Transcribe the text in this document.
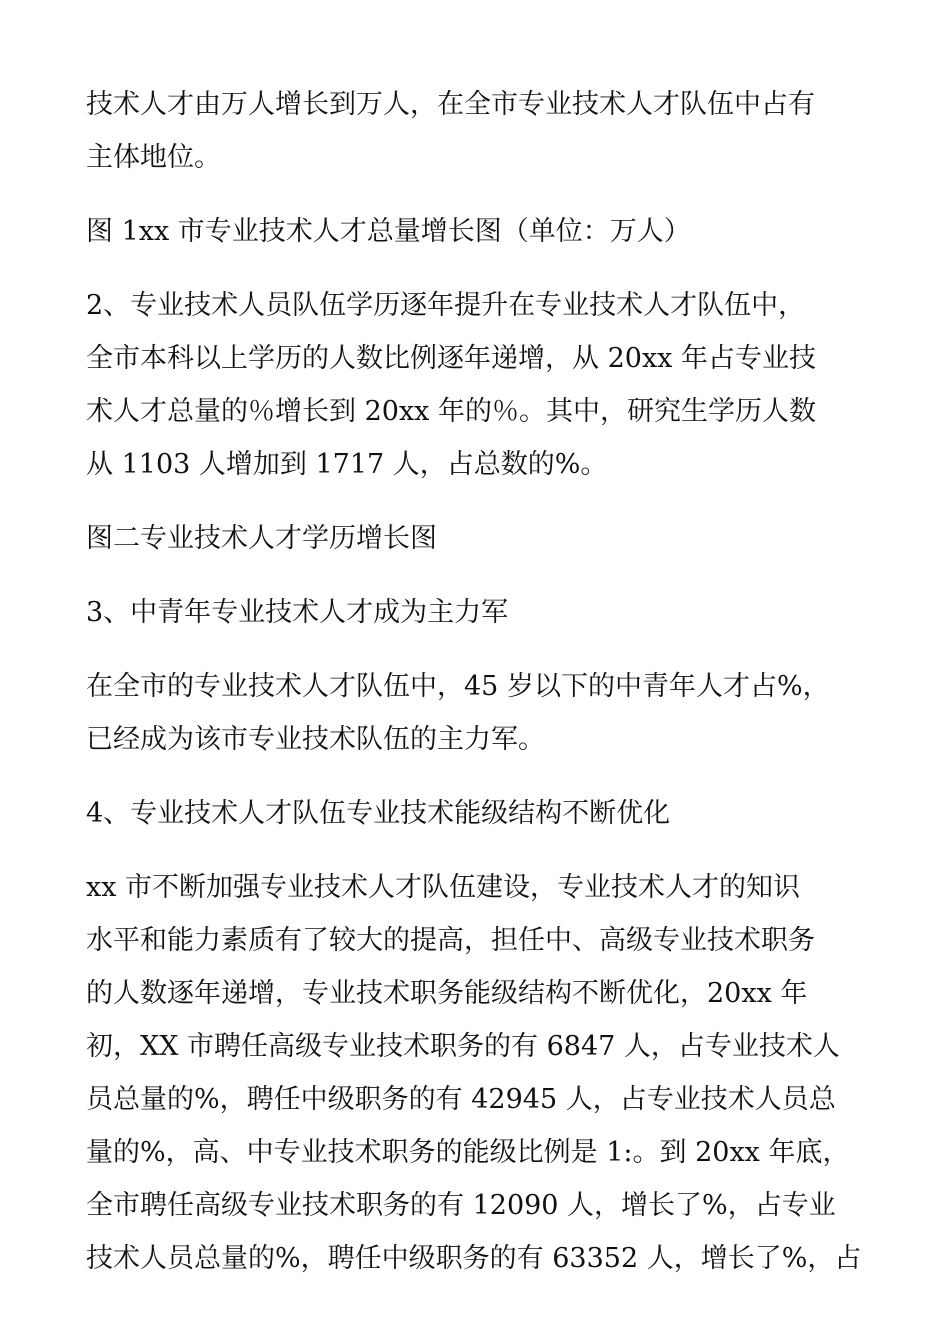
技术人才由万人增长到万人，在全市专业技术人才队伍中占有
主体地位。
图 1xx 市专业技术人才总量增长图（单位：万人）
2、专业技术人员队伍学历逐年提升在专业技术人才队伍中，
全市本科以上学历的人数比例逐年递增，从 20xx 年占专业技
术人才总量的％增长到 20xx 年的％。其中，研究生学历人数
从 1103 人增加到 1717 人，占总数的%。
图二专业技术人才学历增长图
3、中青年专业技术人才成为主力军
在全市的专业技术人才队伍中，45 岁以下的中青年人才占%，
已经成为该市专业技术队伍的主力军。
4、专业技术人才队伍专业技术能级结构不断优化
xx 市不断加强专业技术人才队伍建设，专业技术人才的知识
水平和能力素质有了较大的提高，担任中、高级专业技术职务
的人数逐年递增，专业技术职务能级结构不断优化，20xx 年
初，XX 市聘任高级专业技术职务的有 6847 人，占专业技术人
员总量的%，聘任中级职务的有 42945 人，占专业技术人员总
量的%，高、中专业技术职务的能级比例是 1:。到 20xx 年底，
全市聘任高级专业技术职务的有 12090 人，增长了%，占专业
技术人员总量的%，聘任中级职务的有 63352 人，增长了%，占
